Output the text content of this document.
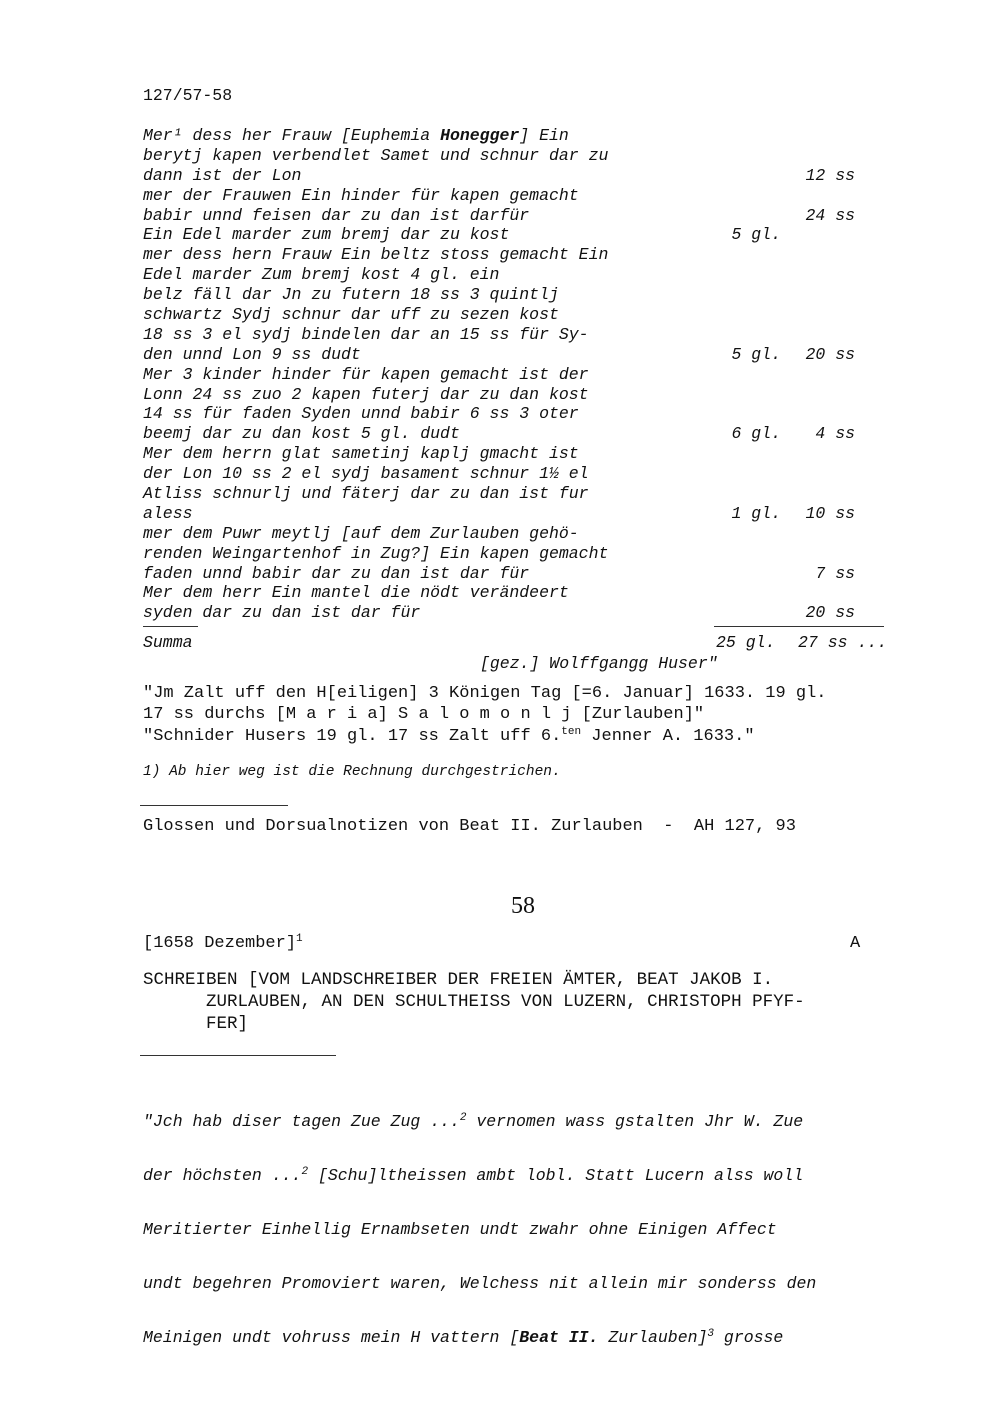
127/57-58
Mer¹ dess her Frauw [Euphemia Honegger] Ein
berytj kapen verbendlet Samet und schnur dar zu
dann ist der Lon	12 ss
mer der Frauwen Ein hinder für kapen gemacht
babir unnd feisen dar zu dan ist darfür	24 ss
Ein Edel marder zum bremj dar zu kost	5 gl.
mer dess hern Frauw Ein beltz stoss gemacht Ein
Edel marder Zum bremj kost 4 gl. ein
belz fäll dar Jn zu futern 18 ss 3 quintlj
schwartz Sydj schnur dar uff zu sezen kost
18 ss 3 el sydj bindelen dar an 15 ss für Sy-
den unnd Lon 9 ss dudt	5 gl. 20 ss
Mer 3 kinder hinder für kapen gemacht ist der
Lonn 24 ss zuo 2 kapen futerj dar zu dan kost
14 ss für faden Syden unnd babir 6 ss 3 oter
beemj dar zu dan kost 5 gl. dudt	6 gl. 4 ss
Mer dem herrn glat sametinj kaplj gmacht ist
der Lon 10 ss 2 el sydj basament schnur 1½ el
Atliss schnurlj und fäterj dar zu dan ist fur
aless	1 gl. 10 ss
mer dem Puwr meytlj [auf dem Zurlauben gehö-
renden Weingartenhof in Zug?] Ein kapen gemacht
faden unnd babir dar zu dan ist dar für	7 ss
Mer dem herr Ein mantel die nödt verändeert
syden dar zu dan ist dar für	20 ss
Summa	25 gl. 27 ss ...
[gez.] Wolffgangg Huser"
"Jm Zalt uff den H[eiligen] 3 Königen Tag [=6. Januar] 1633. 19 gl.
17 ss durchs [M a r i a] S a l o m o n l j [Zurlauben]"
"Schnider Husers 19 gl. 17 ss Zalt uff 6.$^{ten}$ Jenner A. 1633."
1) Ab hier weg ist die Rechnung durchgestrichen.
Glossen und Dorsualnotizen von Beat II. Zurlauben  -  AH 127, 93
58
[1658 Dezember]$^1$	A
SCHREIBEN [VOM LANDSCHREIBER DER FREIEN ÄMTER, BEAT JAKOB I.
ZURLAUBEN, AN DEN SCHULTHEISS VON LUZERN, CHRISTOPH PFYF-
FER]

"Jch hab diser tagen Zue Zug ...$^2$ vernomen wass gstalten Jhr W. Zue

der höchsten ...$^2$ [Schu]ltheissen ambt lobl. Statt Lucern alss woll

Meritierter Einhellig Ernambseten undt zwahr ohne Einigen Affect

undt begehren Promoviert waren, Welchess nit allein mir sonderss den

Meinigen undt vohruss mein H vattern [Beat II. Zurlauben]$^3$ grosse
